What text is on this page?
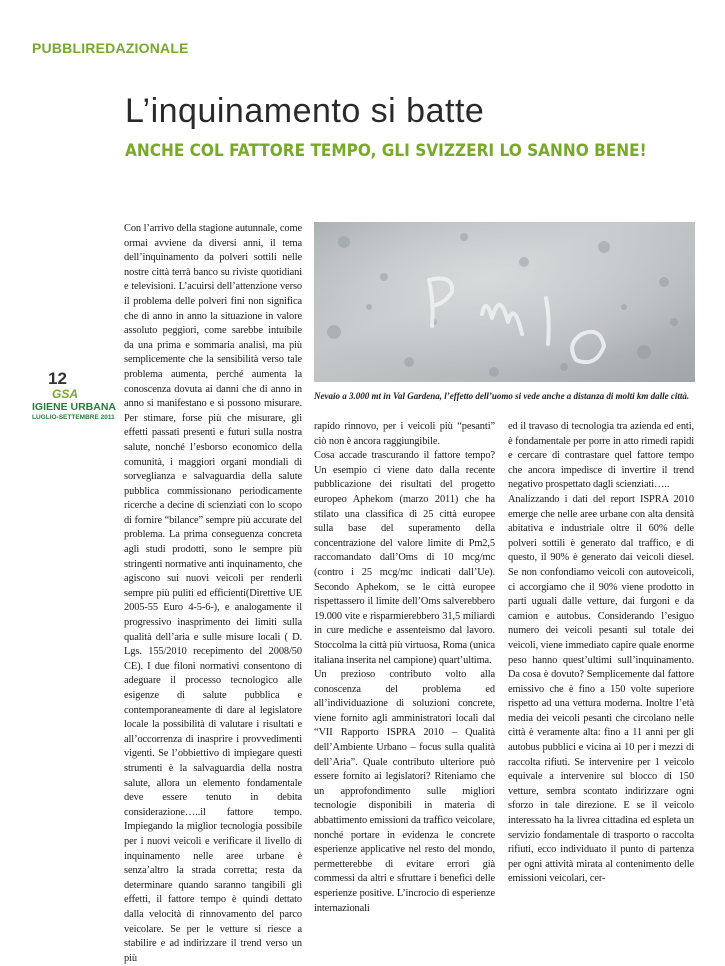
PUBBLIREDAZIONALE
L’inquinamento si batte
ANCHE COL FATTORE TEMPO, GLI SVIZZERI LO SANNO BENE!
12
GSA
IGIENE URBANA
LUGLIO-SETTEMBRE 2011

Con l’arrivo della stagione autunnale, come ormai avviene da diversi anni, il tema dell’inquinamento da polveri sottili nelle nostre città terrà banco su riviste quotidiani e televisioni. L’acuirsi dell’attenzione verso il problema delle polveri fini non significa che di anno in anno la situazione in valore assoluto peggiori, come sarebbe intuibile da una prima e sommaria analisi, ma più semplicemente che la sensibilità verso tale problema aumenta, perché aumenta la conoscenza dovuta ai danni che di anno in anno si manifestano e si possono misurare. Per stimare, forse più che misurare, gli effetti passati presenti e futuri sulla nostra salute, nonché l’esborso economico della comunità, i maggiori organi mondiali di sorveglianza e salvaguardia della salute pubblica commissionano periodicamente ricerche a decine di scienziati con lo scopo di fornire “bilance” sempre più accurate del problema. La prima conseguenza concreta agli studi prodotti, sono le sempre più stringenti normative anti inquinamento, che agiscono sui nuovi veicoli per renderli sempre più puliti ed efficienti(Direttive UE 2005-55 Euro 4-5-6-), e analogamente il progressivo inasprimento dei limiti sulla qualità dell’aria e sulle misure locali ( D. Lgs. 155/2010 recepimento del 2008/50 CE). I due filoni normativi consentono di adeguare il processo tecnologico alle esigenze di salute pubblica e contemporaneamente di dare al legislatore locale la possibilità di valutare i risultati e all’occorrenza di inasprire i provvedimenti vigenti. Se l’obbiettivo di impiegare questi strumenti è la salvaguardia della nostra salute, allora un elemento fondamentale deve essere tenuto in debita considerazione…..il fattore tempo. Impiegando la miglior tecnologia possibile per i nuovi veicoli e verificare il livello di inquinamento nelle aree urbane è senza’altro la strada corretta; resta da determinare quando saranno tangibili gli effetti, il fattore tempo è quindi dettato dalla velocità di rinnovamento del parco veicolare. Se per le vetture si riesce a stabilire e ad indirizzare il trend verso un più

Nevaio a 3.000 mt in Val Gardena, l’effetto dell’uomo si vede anche a distanza di molti km dalle città.

rapido rinnovo, per i veicoli più “pesanti” ciò non è ancora raggiungibile.

Cosa accade trascurando il fattore tempo? Un esempio ci viene dato dalla recente pubblicazione dei risultati del progetto europeo Aphekom (marzo 2011) che ha stilato una classifica di 25 città europee sulla base del superamento della concentrazione del valore limite di Pm2,5 raccomandato dall’Oms di 10 mcg/mc (contro i 25 mcg/mc indicati dall’Ue). Secondo Aphekom, se le città europee rispettassero il limite dell’Oms salverebbero 19.000 vite e risparmierebbero 31,5 miliardi in cure mediche e assenteismo dal lavoro. Stoccolma la città più virtuosa, Roma (unica italiana inserita nel campione) quart’ultima.

Un prezioso contributo volto alla conoscenza del problema ed all’individuazione di soluzioni concrete, viene fornito agli amministratori locali dal “VII Rapporto ISPRA 2010 – Qualità dell’Ambiente Urbano – focus sulla qualità dell’Aria”. Quale contributo ulteriore può essere fornito ai legislatori? Riteniamo che un approfondimento sulle migliori tecnologie disponibili in materia di abbattimento emissioni da traffico veicolare, nonché portare in evidenza le concrete esperienze applicative nel resto del mondo, permetterebbe di evitare errori già commessi da altri e sfruttare i benefici delle esperienze positive. L’incrocio di esperienze internazionali

ed il travaso di tecnologia tra azienda ed enti, è fondamentale per porre in atto rimedi rapidi e cercare di contrastare quel fattore tempo che ancora impedisce di invertire il trend negativo prospettato dagli scienziati…..

Analizzando i dati del report ISPRA 2010 emerge che nelle aree urbane con alta densità abitativa e industriale oltre il 60% delle polveri sottili è generato dal traffico, e di questo, il 90% è generato dai veicoli diesel. Se non confondiamo veicoli con autoveicoli, ci accorgiamo che il 90% viene prodotto in parti uguali dalle vetture, dai furgoni e da camion e autobus. Considerando l’esiguo numero dei veicoli pesanti sul totale dei veicoli, viene immediato capire quale enorme peso hanno quest’ultimi sull’inquinamento. Da cosa è dovuto? Semplicemente dal fattore emissivo che è fino a 150 volte superiore rispetto ad una vettura moderna. Inoltre l’età media dei veicoli pesanti che circolano nelle città è veramente alta: fino a 11 anni per gli autobus pubblici e vicina ai 10 per i mezzi di raccolta rifiuti. Se intervenire per 1 veicolo equivale a intervenire sul blocco di 150 vetture, sembra scontato indirizzare ogni sforzo in tale direzione. E se il veicolo interessato ha la livrea cittadina ed espleta un servizio fondamentale di trasporto o raccolta rifiuti, ecco individuato il punto di partenza per ogni attività mirata al contenimento delle emissioni veicolari, cer-
